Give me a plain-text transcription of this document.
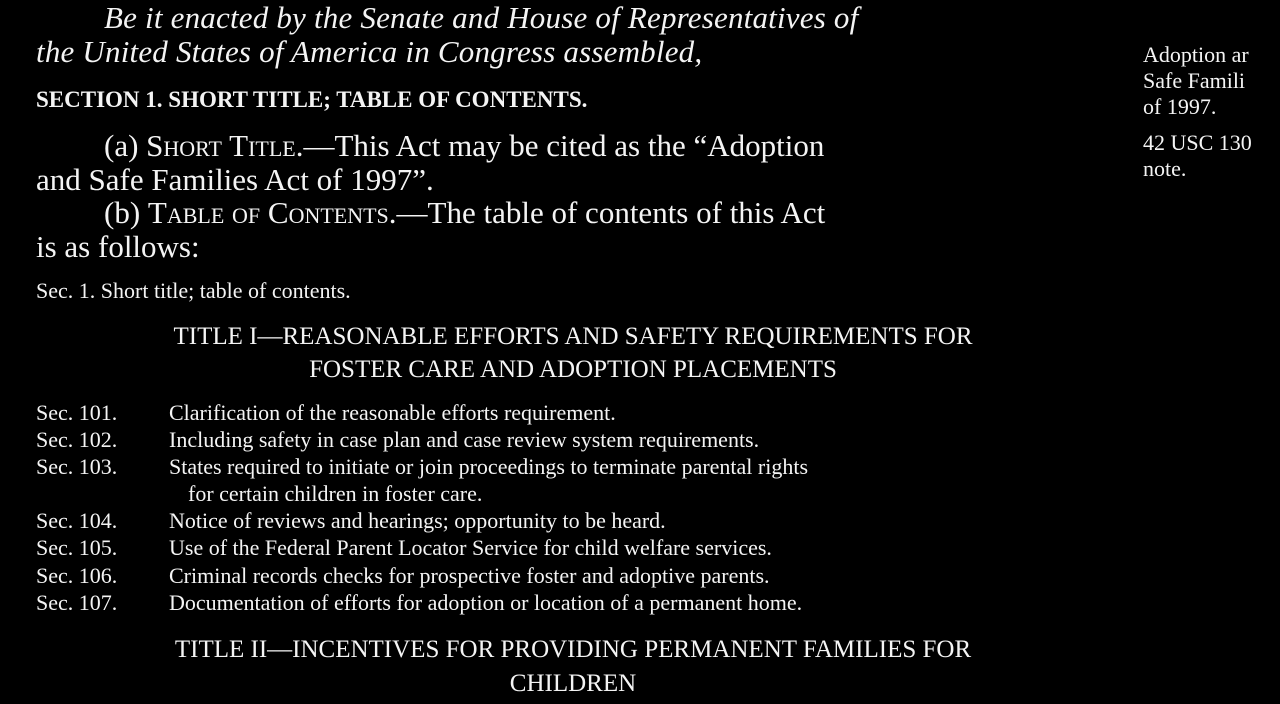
Be it enacted by the Senate and House of Representatives of
the United States of America in Congress assembled,
SECTION 1. SHORT TITLE; TABLE OF CONTENTS.
(a) Short Title.—This Act may be cited as the “Adoption
and Safe Families Act of 1997”.
(b) Table of Contents.—The table of contents of this Act
is as follows:
Sec. 1. Short title; table of contents.
TITLE I—REASONABLE EFFORTS AND SAFETY REQUIREMENTS FOR
FOSTER CARE AND ADOPTION PLACEMENTS
Sec. 101. Clarification of the reasonable efforts requirement.
Sec. 102. Including safety in case plan and case review system requirements.
Sec. 103. States required to initiate or join proceedings to terminate parental rights
for certain children in foster care.
Sec. 104. Notice of reviews and hearings; opportunity to be heard.
Sec. 105. Use of the Federal Parent Locator Service for child welfare services.
Sec. 106. Criminal records checks for prospective foster and adoptive parents.
Sec. 107. Documentation of efforts for adoption or location of a permanent home.
TITLE II—INCENTIVES FOR PROVIDING PERMANENT FAMILIES FOR
CHILDREN
Adoption ar
Safe Famili
of 1997.
42 USC 130
note.
